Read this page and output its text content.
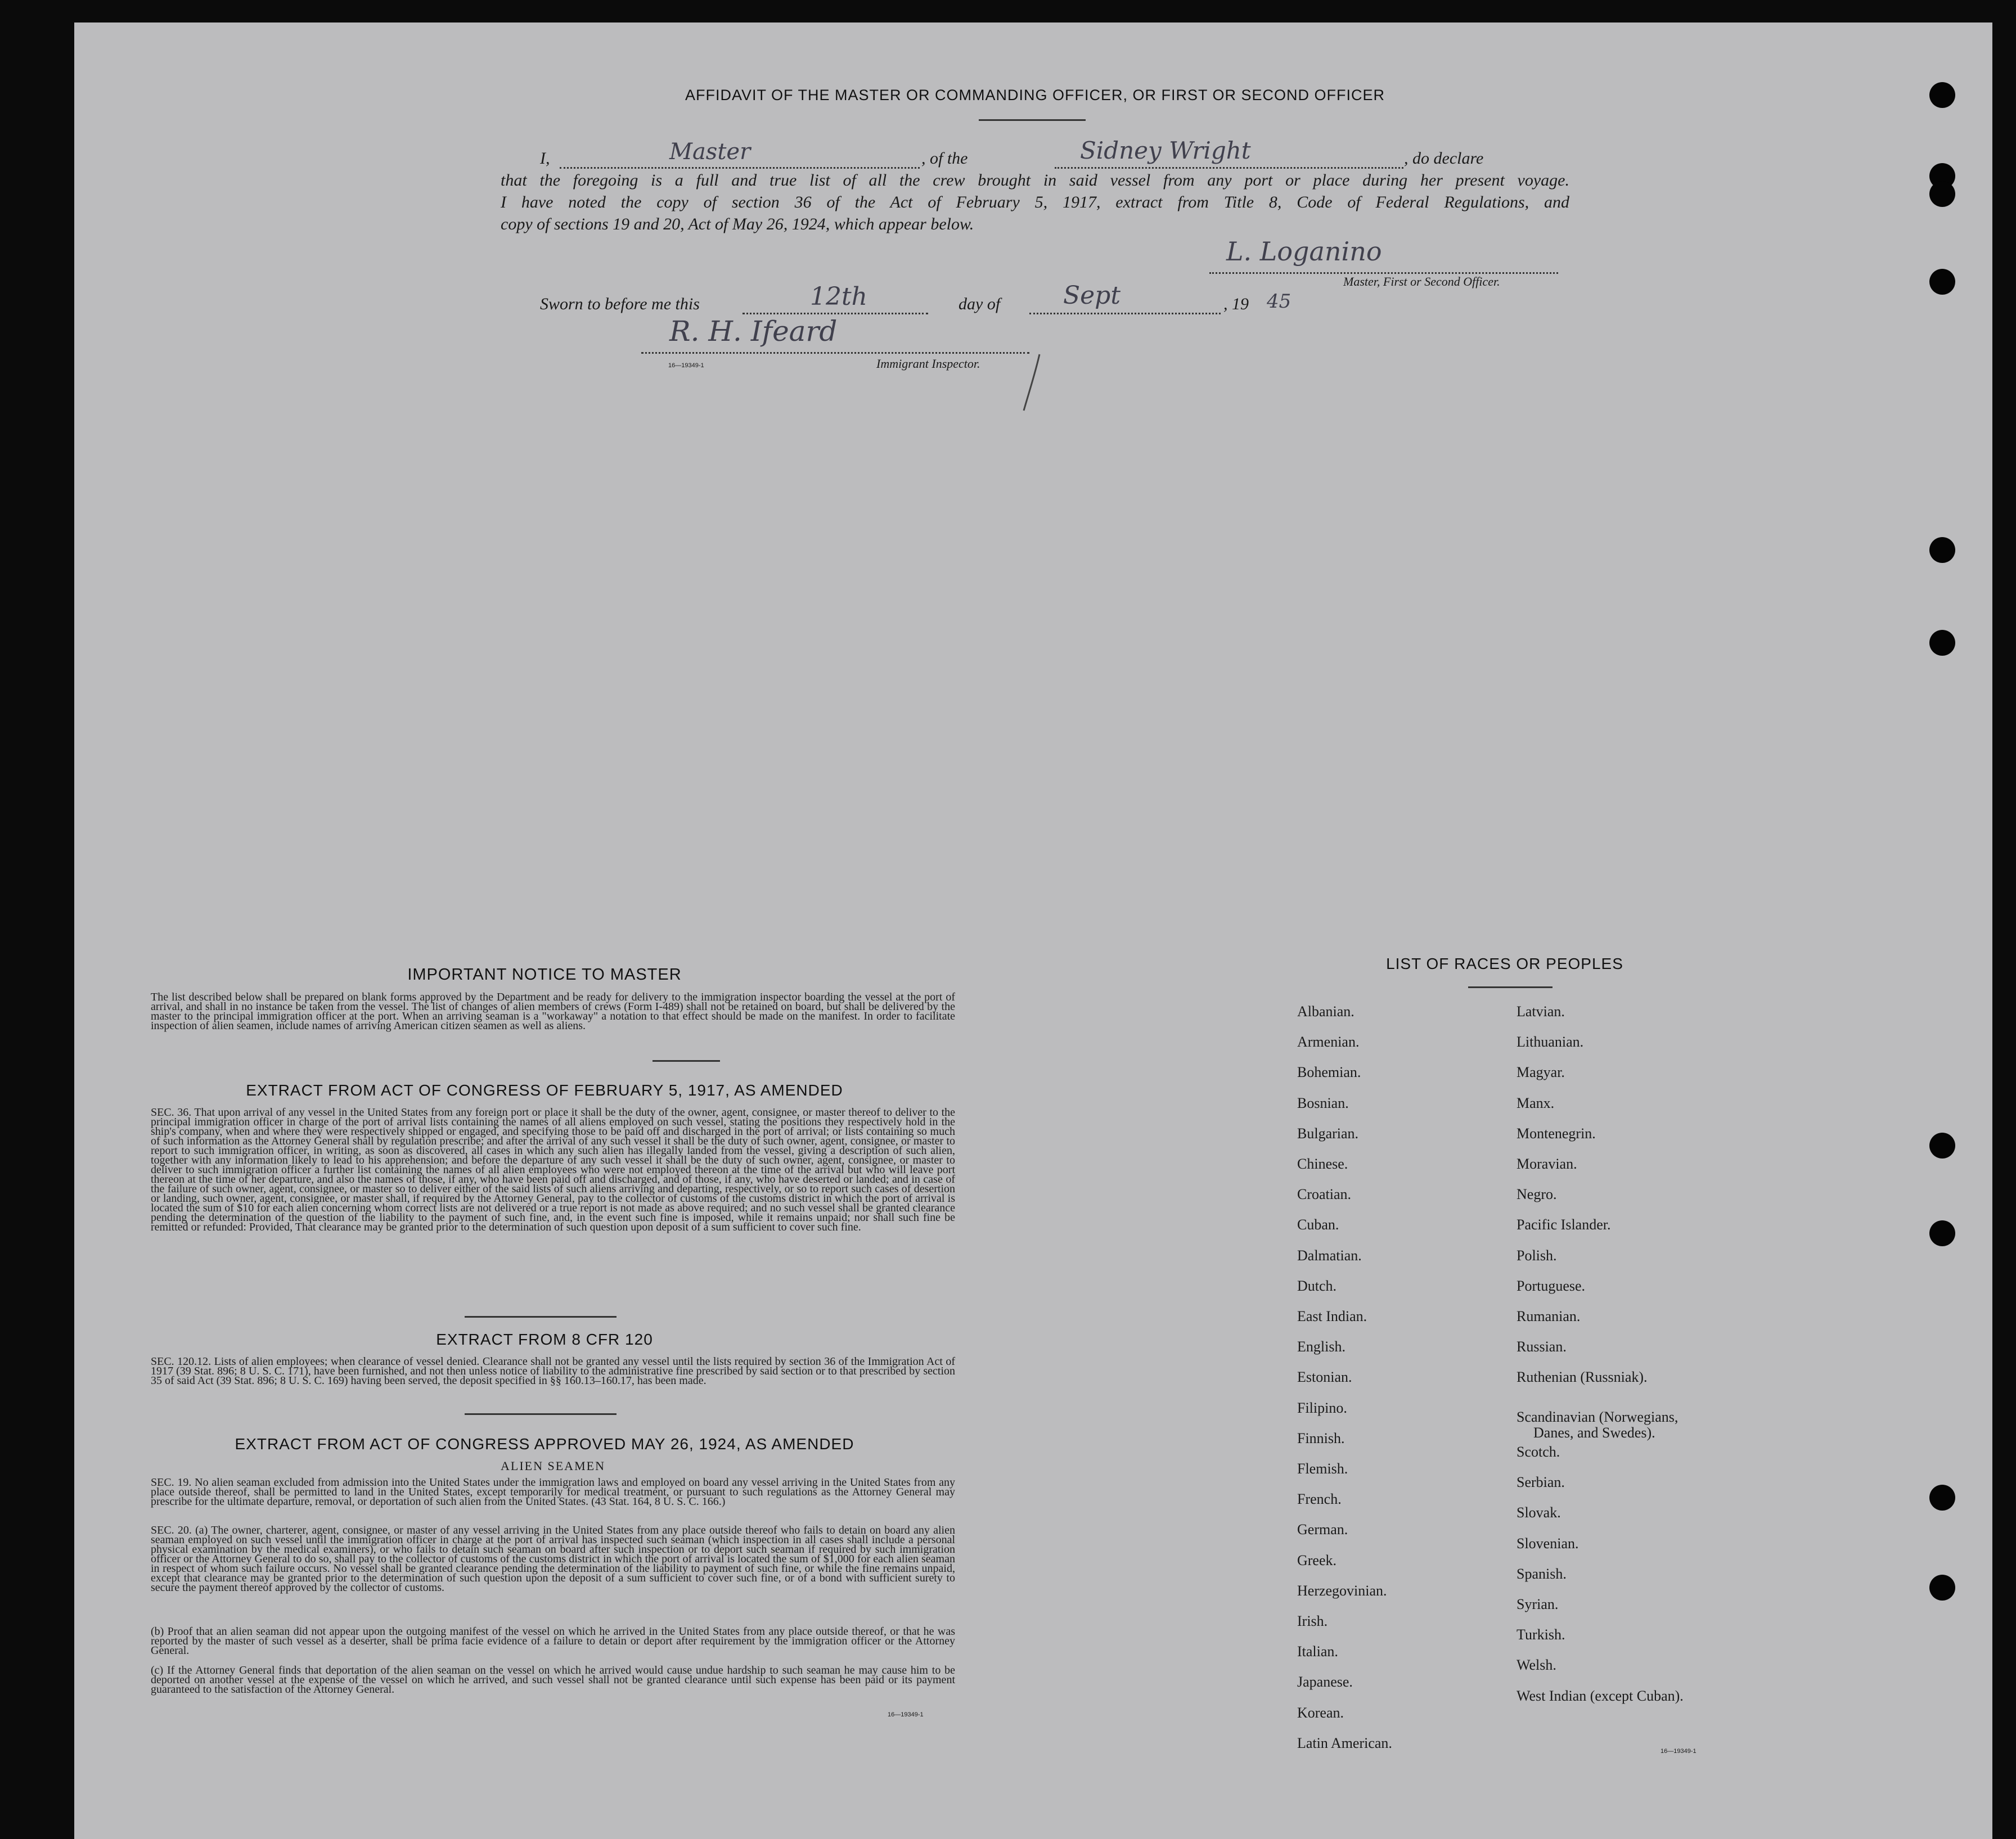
AFFIDAVIT OF THE MASTER OR COMMANDING OFFICER, OR FIRST OR SECOND OFFICER
I,	Master	, of the	Sidney Wright	, do declare
that the foregoing is a full and true list of all the crew brought in said vessel from any port or place during her present voyage.
I have noted the copy of section 36 of the Act of February 5, 1917, extract from Title 8, Code of Federal Regulations, and
copy of sections 19 and 20, Act of May 26, 1924, which appear below.
L. Loganino
Master, First or Second Officer.
Sworn to before me this	12th	day of	Sept	, 19 45
R. H. Ifeard
16—19349-1	Immigrant Inspector.
IMPORTANT NOTICE TO MASTER
The list described below shall be prepared on blank forms approved by the Department and be ready for delivery to the immigration inspector boarding the vessel at the port of arrival, and shall in no instance be taken from the vessel. The list of changes of alien members of crews (Form I-489) shall not be retained on board, but shall be delivered by the master to the principal immigration officer at the port. When an arriving seaman is a "workaway" a notation to that effect should be made on the manifest. In order to facilitate inspection of alien seamen, include names of arriving American citizen seamen as well as aliens.
EXTRACT FROM ACT OF CONGRESS OF FEBRUARY 5, 1917, AS AMENDED
SEC. 36. That upon arrival of any vessel in the United States from any foreign port or place it shall be the duty of the owner, agent, consignee, or master thereof to deliver to the principal immigration officer in charge of the port of arrival lists containing the names of all aliens employed on such vessel, stating the positions they respectively hold in the ship's company, when and where they were respectively shipped or engaged, and specifying those to be paid off and discharged in the port of arrival; or lists containing so much of such information as the Attorney General shall by regulation prescribe; and after the arrival of any such vessel it shall be the duty of such owner, agent, consignee, or master to report to such immigration officer, in writing, as soon as discovered, all cases in which any such alien has illegally landed from the vessel, giving a description of such alien, together with any information likely to lead to his apprehension; and before the departure of any such vessel it shall be the duty of such owner, agent, consignee, or master to deliver to such immigration officer a further list containing the names of all alien employees who were not employed thereon at the time of the arrival but who will leave port thereon at the time of her departure, and also the names of those, if any, who have been paid off and discharged, and of those, if any, who have deserted or landed; and in case of the failure of such owner, agent, consignee, or master so to deliver either of the said lists of such aliens arriving and departing, respectively, or so to report such cases of desertion or landing, such owner, agent, consignee, or master shall, if required by the Attorney General, pay to the collector of customs of the customs district in which the port of arrival is located the sum of $10 for each alien concerning whom correct lists are not delivered or a true report is not made as above required; and no such vessel shall be granted clearance pending the determination of the question of the liability to the payment of such fine, and, in the event such fine is imposed, while it remains unpaid; nor shall such fine be remitted or refunded: Provided, That clearance may be granted prior to the determination of such question upon deposit of a sum sufficient to cover such fine.
EXTRACT FROM 8 CFR 120
SEC. 120.12. Lists of alien employees; when clearance of vessel denied. Clearance shall not be granted any vessel until the lists required by section 36 of the Immigration Act of 1917 (39 Stat. 896; 8 U. S. C. 171), have been furnished, and not then unless notice of liability to the administrative fine prescribed by said section or to that prescribed by section 35 of said Act (39 Stat. 896; 8 U. S. C. 169) having been served, the deposit specified in §§ 160.13–160.17, has been made.
EXTRACT FROM ACT OF CONGRESS APPROVED MAY 26, 1924, AS AMENDED
ALIEN SEAMEN
SEC. 19. No alien seaman excluded from admission into the United States under the immigration laws and employed on board any vessel arriving in the United States from any place outside thereof, shall be permitted to land in the United States, except temporarily for medical treatment, or pursuant to such regulations as the Attorney General may prescribe for the ultimate departure, removal, or deportation of such alien from the United States. (43 Stat. 164, 8 U. S. C. 166.)
SEC. 20. (a) The owner, charterer, agent, consignee, or master of any vessel arriving in the United States from any place outside thereof who fails to detain on board any alien seaman employed on such vessel until the immigration officer in charge at the port of arrival has inspected such seaman (which inspection in all cases shall include a personal physical examination by the medical examiners), or who fails to detain such seaman on board after such inspection or to deport such seaman if required by such immigration officer or the Attorney General to do so, shall pay to the collector of customs of the customs district in which the port of arrival is located the sum of $1,000 for each alien seaman in respect of whom such failure occurs. No vessel shall be granted clearance pending the determination of the liability to payment of such fine, or while the fine remains unpaid, except that clearance may be granted prior to the determination of such question upon the deposit of a sum sufficient to cover such fine, or of a bond with sufficient surety to secure the payment thereof approved by the collector of customs.
(b) Proof that an alien seaman did not appear upon the outgoing manifest of the vessel on which he arrived in the United States from any place outside thereof, or that he was reported by the master of such vessel as a deserter, shall be prima facie evidence of a failure to detain or deport after requirement by the immigration officer or the Attorney General.
(c) If the Attorney General finds that deportation of the alien seaman on the vessel on which he arrived would cause undue hardship to such seaman he may cause him to be deported on another vessel at the expense of the vessel on which he arrived, and such vessel shall not be granted clearance until such expense has been paid or its payment guaranteed to the satisfaction of the Attorney General.
16—19349-1
LIST OF RACES OR PEOPLES
Albanian.
Armenian.
Bohemian.
Bosnian.
Bulgarian.
Chinese.
Croatian.
Cuban.
Dalmatian.
Dutch.
East Indian.
English.
Estonian.
Filipino.
Finnish.
Flemish.
French.
German.
Greek.
Herzegovinian.
Irish.
Italian.
Japanese.
Korean.
Latin American.
Latvian.
Lithuanian.
Magyar.
Manx.
Montenegrin.
Moravian.
Negro.
Pacific Islander.
Polish.
Portuguese.
Rumanian.
Russian.
Ruthenian (Russniak).
Scandinavian (Norwegians,
Danes, and Swedes).
Scotch.
Serbian.
Slovak.
Slovenian.
Spanish.
Syrian.
Turkish.
Welsh.
West Indian (except Cuban).
16—19349-1
